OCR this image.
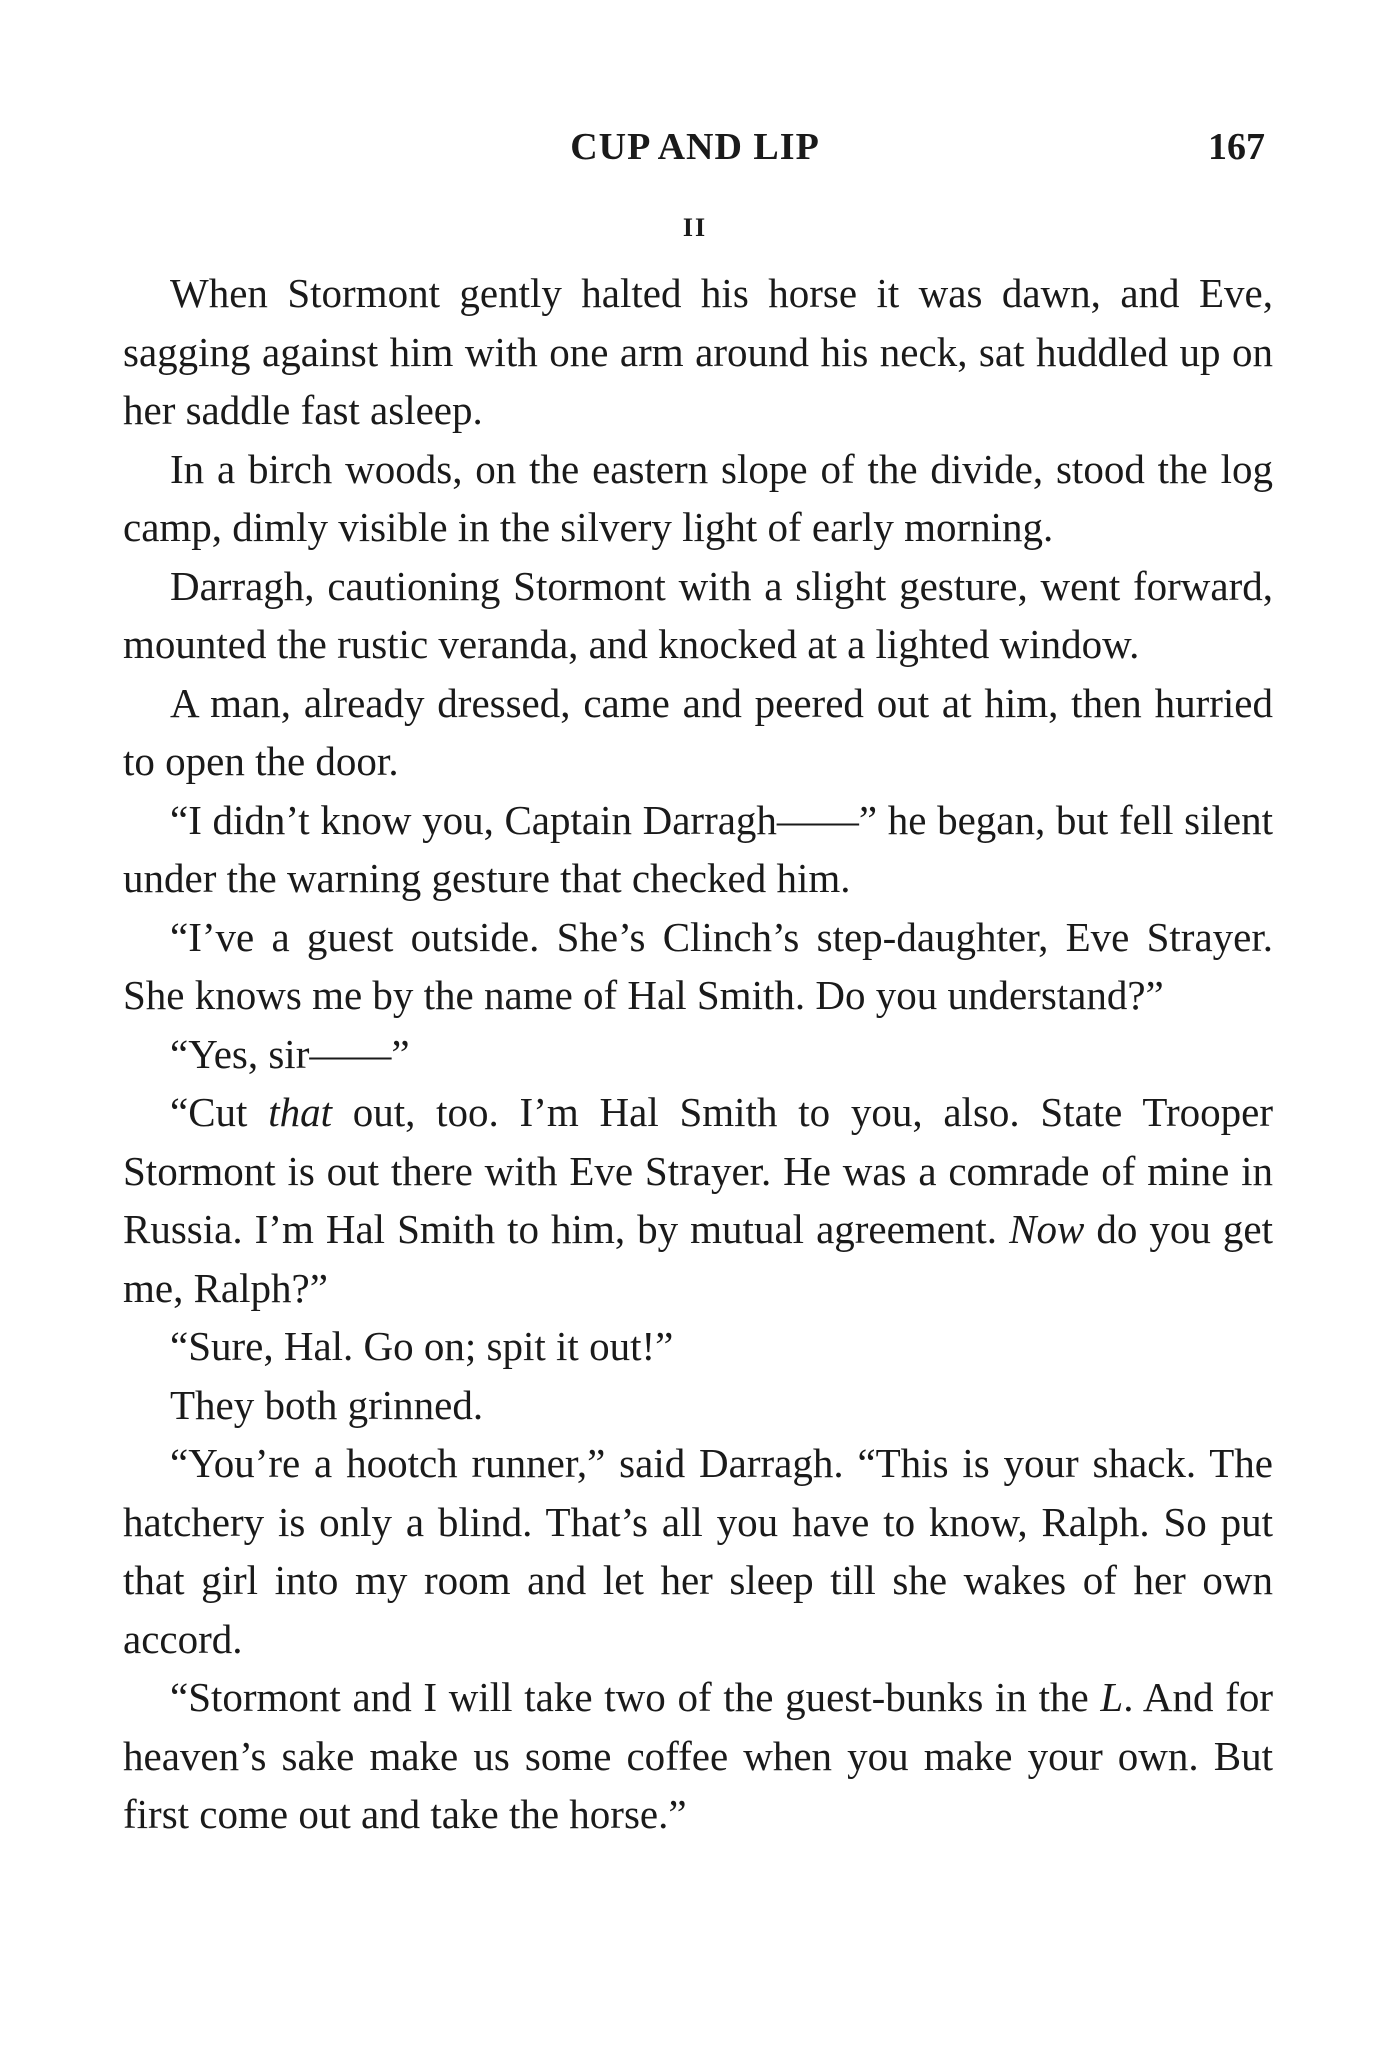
CUP AND LIP	167
II

When Stormont gently halted his horse it was dawn, and Eve, sagging against him with one arm around his neck, sat huddled up on her saddle fast asleep.

In a birch woods, on the eastern slope of the divide, stood the log camp, dimly visible in the silvery light of early morning.

Darragh, cautioning Stormont with a slight gesture, went forward, mounted the rustic veranda, and knocked at a lighted window.

A man, already dressed, came and peered out at him, then hurried to open the door.

“I didn’t know you, Captain Darragh——” he began, but fell silent under the warning gesture that checked him.

“I’ve a guest outside. She’s Clinch’s step-daughter, Eve Strayer. She knows me by the name of Hal Smith. Do you understand?”

“Yes, sir——”

“Cut that out, too. I’m Hal Smith to you, also. State Trooper Stormont is out there with Eve Strayer. He was a comrade of mine in Russia. I’m Hal Smith to him, by mutual agreement. Now do you get me, Ralph?”

“Sure, Hal. Go on; spit it out!”

They both grinned.

“You’re a hootch runner,” said Darragh. “This is your shack. The hatchery is only a blind. That’s all you have to know, Ralph. So put that girl into my room and let her sleep till she wakes of her own accord.

“Stormont and I will take two of the guest-bunks in the L. And for heaven’s sake make us some coffee when you make your own. But first come out and take the horse.”
